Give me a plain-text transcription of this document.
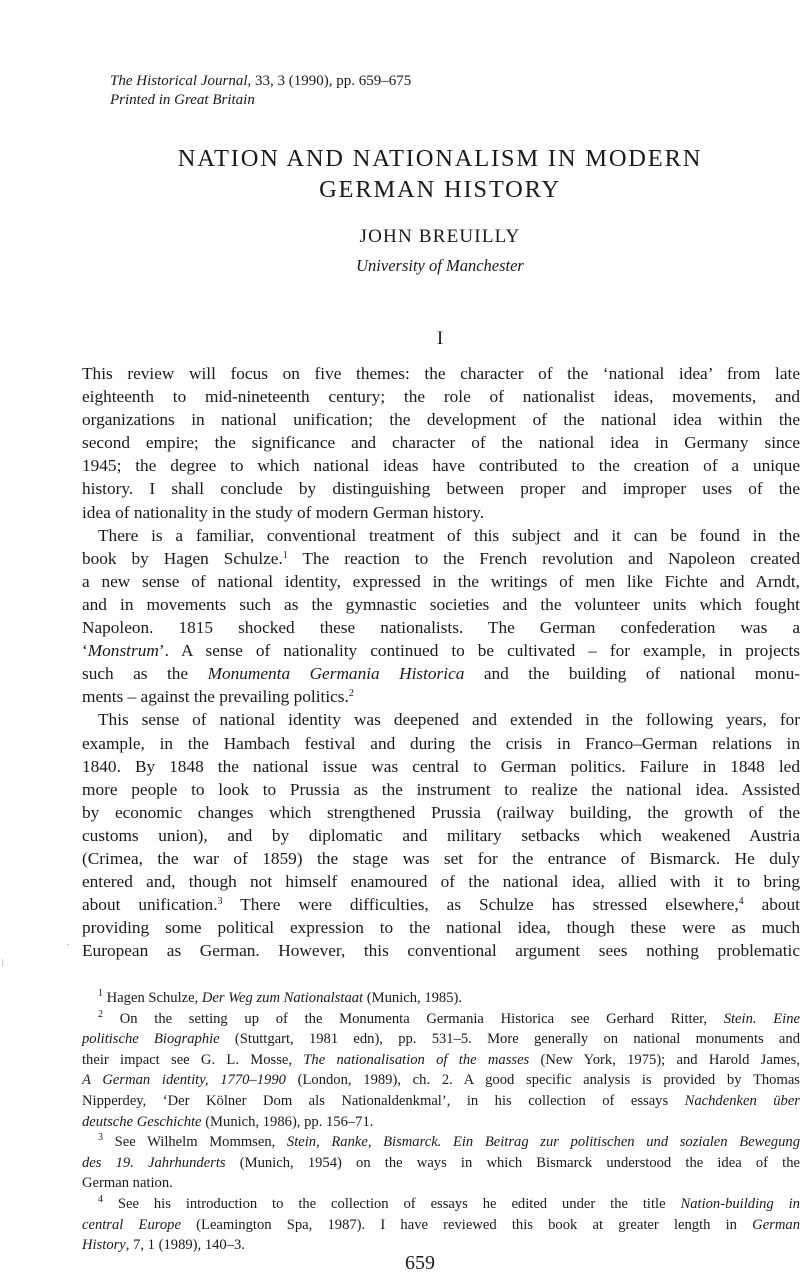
The Historical Journal, 33, 3 (1990), pp. 659–675
Printed in Great Britain
NATION AND NATIONALISM IN MODERN
GERMAN HISTORY
JOHN BREUILLY
University of Manchester
I

This review will focus on five themes: the character of the ‘national idea’ from late
eighteenth to mid-nineteenth century; the role of nationalist ideas, movements, and
organizations in national unification; the development of the national idea within the
second empire; the significance and character of the national idea in Germany since
1945; the degree to which national ideas have contributed to the creation of a unique
history. I shall conclude by distinguishing between proper and improper uses of the
idea of nationality in the study of modern German history.

There is a familiar, conventional treatment of this subject and it can be found in the
book by Hagen Schulze.$^1$ The reaction to the French revolution and Napoleon created
a new sense of national identity, expressed in the writings of men like Fichte and Arndt,
and in movements such as the gymnastic societies and the volunteer units which fought
Napoleon. 1815 shocked these nationalists. The German confederation was a
‘Monstrum’. A sense of nationality continued to be cultivated – for example, in projects
such as the Monumenta Germania Historica and the building of national monu-
ments – against the prevailing politics.$^2$

This sense of national identity was deepened and extended in the following years, for
example, in the Hambach festival and during the crisis in Franco–German relations in
1840. By 1848 the national issue was central to German politics. Failure in 1848 led
more people to look to Prussia as the instrument to realize the national idea. Assisted
by economic changes which strengthened Prussia (railway building, the growth of the
customs union), and by diplomatic and military setbacks which weakened Austria
(Crimea, the war of 1859) the stage was set for the entrance of Bismarck. He duly
entered and, though not himself enamoured of the national idea, allied with it to bring
about unification.$^3$ There were difficulties, as Schulze has stressed elsewhere,$^4$ about
providing some political expression to the national idea, though these were as much
European as German. However, this conventional argument sees nothing problematic

$^1$ Hagen Schulze, Der Weg zum Nationalstaat (Munich, 1985).
$^2$ On the setting up of the Monumenta Germania Historica see Gerhard Ritter, Stein. Eine
politische Biographie (Stuttgart, 1981 edn), pp. 531–5. More generally on national monuments and
their impact see G. L. Mosse, The nationalisation of the masses (New York, 1975); and Harold James,
A German identity, 1770–1990 (London, 1989), ch. 2. A good specific analysis is provided by Thomas
Nipperdey, ‘Der Kölner Dom als Nationaldenkmal’, in his collection of essays Nachdenken über
deutsche Geschichte (Munich, 1986), pp. 156–71.
$^3$ See Wilhelm Mommsen, Stein, Ranke, Bismarck. Ein Beitrag zur politischen und sozialen Bewegung
des 19. Jahrhunderts (Munich, 1954) on the ways in which Bismarck understood the idea of the
German nation.
$^4$ See his introduction to the collection of essays he edited under the title Nation-building in
central Europe (Leamington Spa, 1987). I have reviewed this book at greater length in German
History, 7, 1 (1989), 140–3.
659
⁝
·
